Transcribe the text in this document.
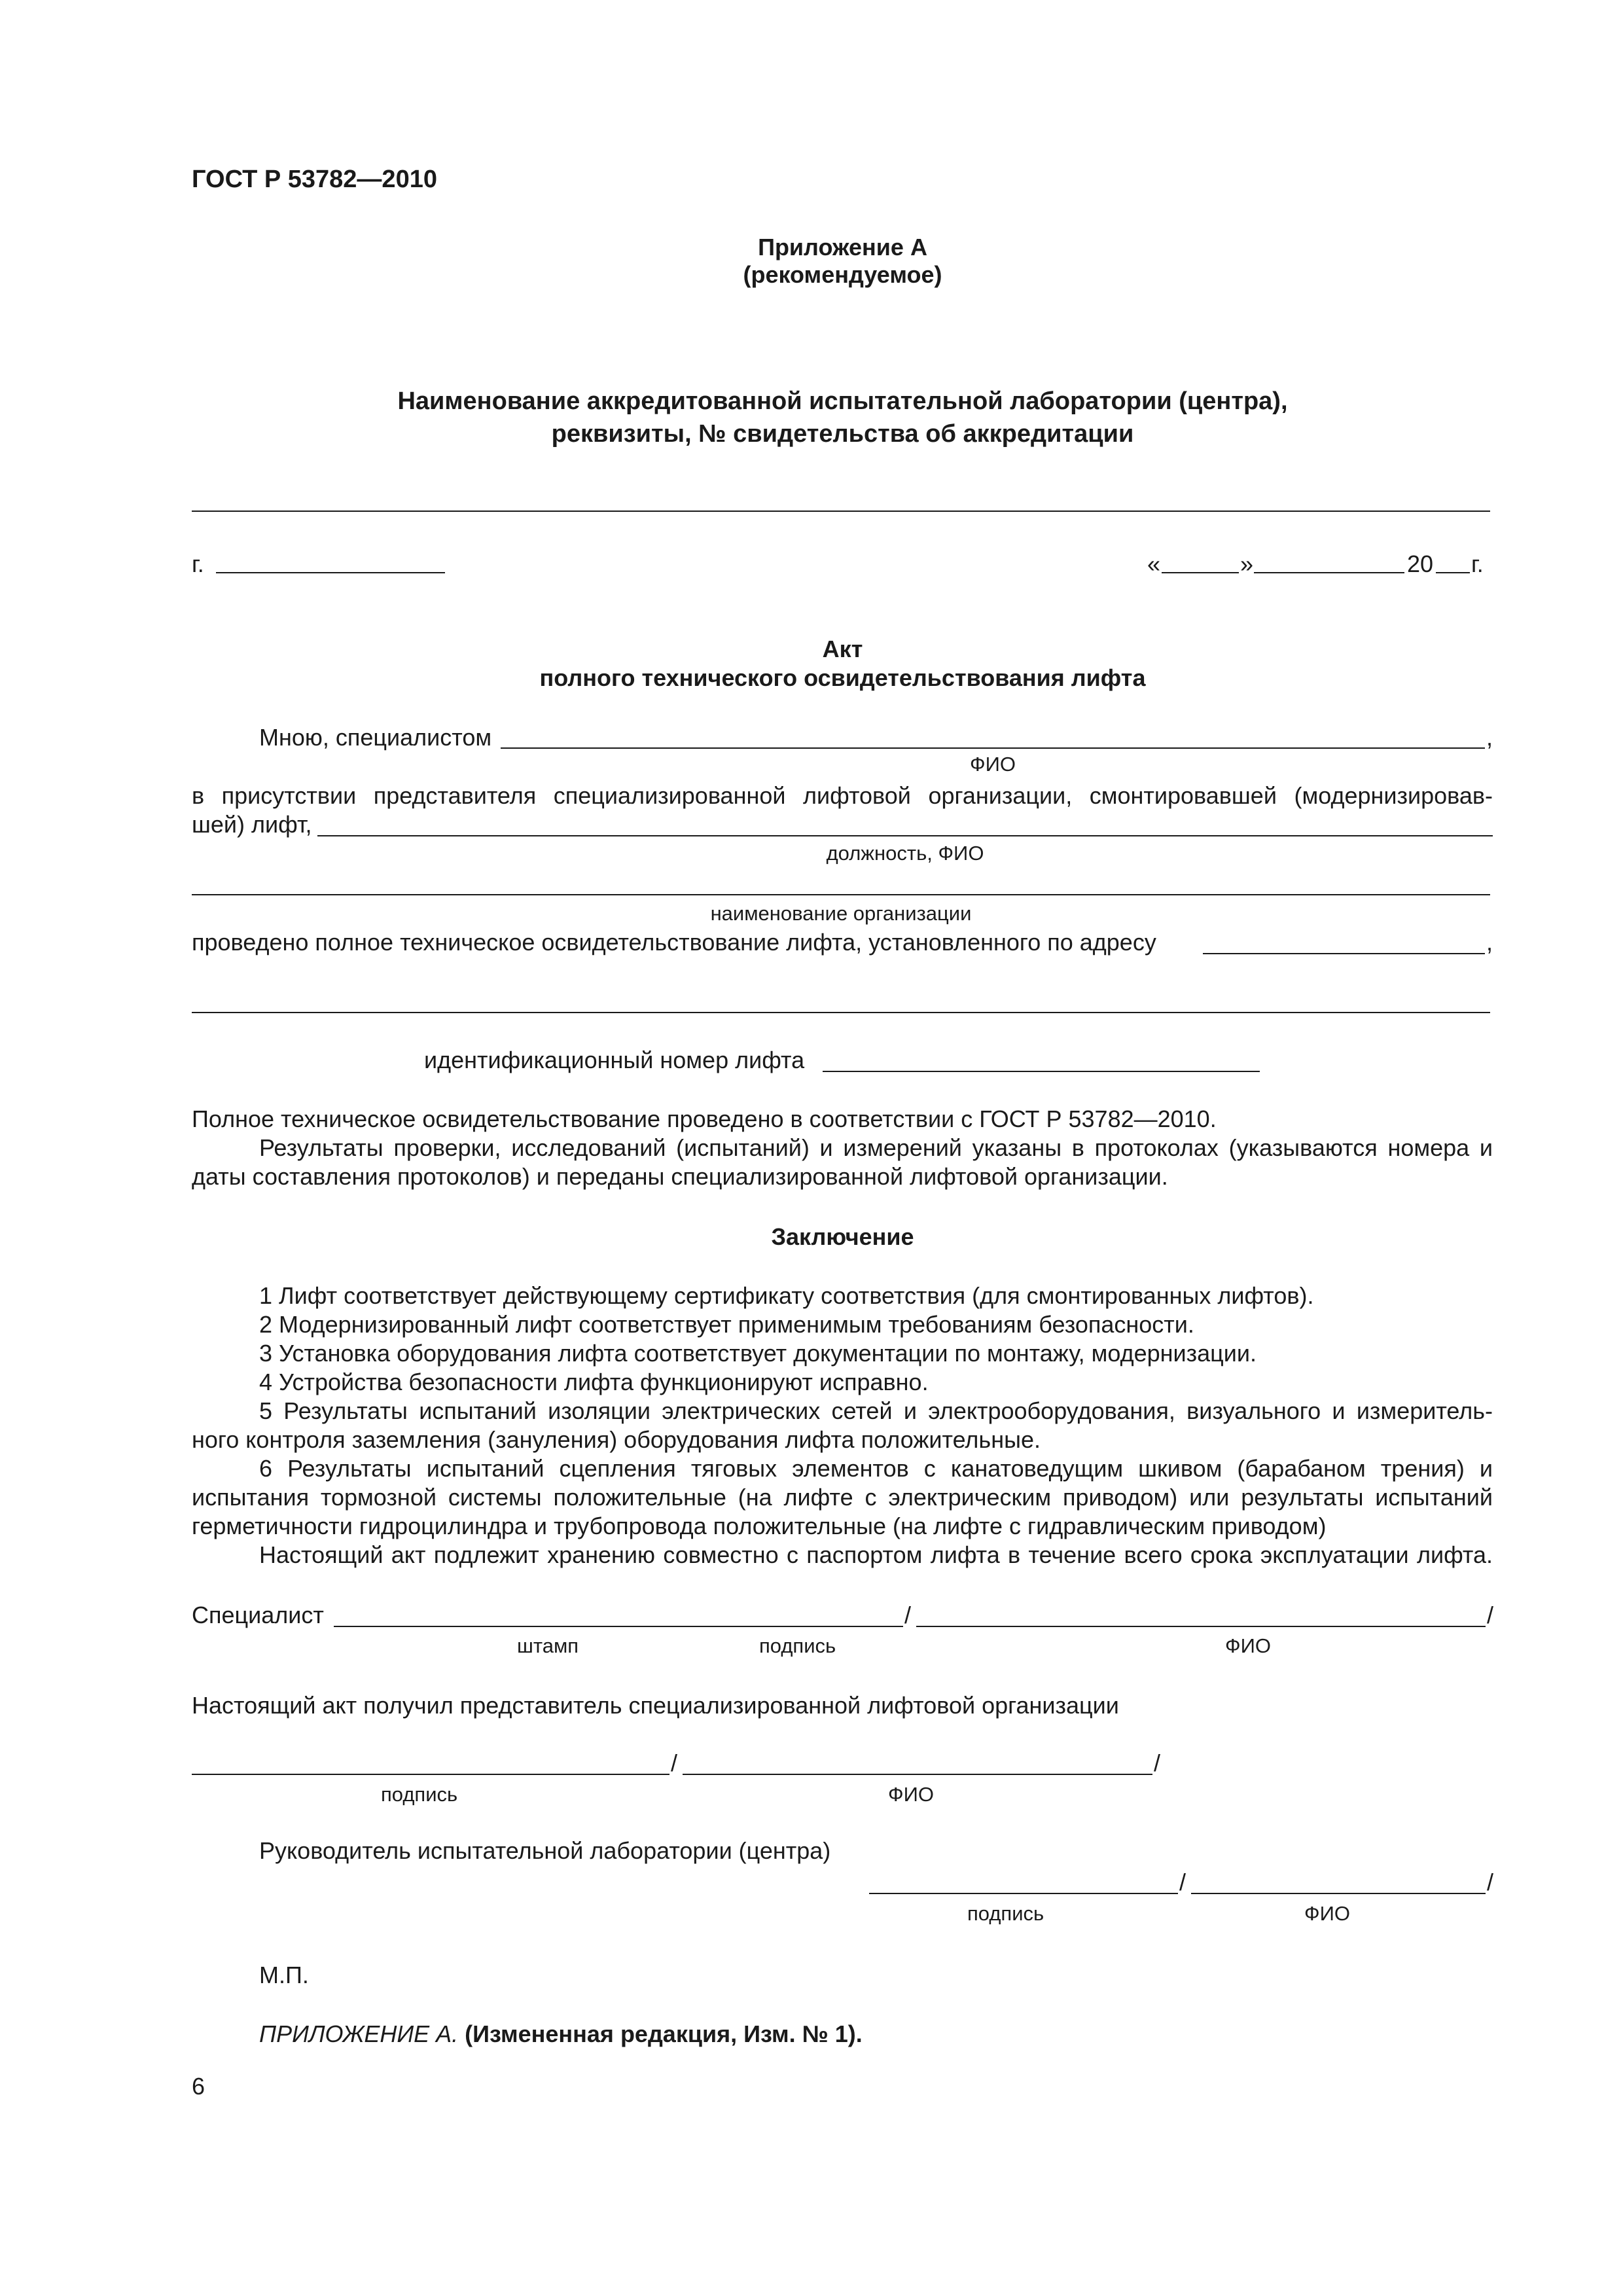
ГОСТ Р 53782—2010
Приложение А
(рекомендуемое)
Наименование аккредитованной испытательной лаборатории (центра),
реквизиты, № свидетельства об аккредитации
г.	«	»	20 г.
Акт
полного технического освидетельствования лифта
Мною, специалистом	,
ФИО
в присутствии представителя специализированной лифтовой организации, смонтировавшей (модернизировав-
шей) лифт,
должность, ФИО
наименование организации
проведено полное техническое освидетельствование лифта, установленного по адресу	,
идентификационный номер лифта
Полное техническое освидетельствование проведено в соответствии с ГОСТ Р 53782—2010.
Результаты проверки, исследований (испытаний) и измерений указаны в протоколах (указываются номера и
даты составления протоколов) и переданы специализированной лифтовой организации.
Заключение
1 Лифт соответствует действующему сертификату соответствия (для смонтированных лифтов).
2 Модернизированный лифт соответствует применимым требованиям безопасности.
3 Установка оборудования лифта соответствует документации по монтажу, модернизации.
4 Устройства безопасности лифта функционируют исправно.
5 Результаты испытаний изоляции электрических сетей и электрооборудования, визуального и измеритель-
ного контроля заземления (зануления) оборудования лифта положительные.
6 Результаты испытаний сцепления тяговых элементов с канатоведущим шкивом (барабаном трения) и
испытания тормозной системы положительные (на лифте с электрическим приводом) или результаты испытаний
герметичности гидроцилиндра и трубопровода положительные (на лифте с гидравлическим приводом)
Настоящий акт подлежит хранению совместно с паспортом лифта в течение всего срока эксплуатации лифта.
Специалист	/	/
штамп	подпись	ФИО
Настоящий акт получил представитель специализированной лифтовой организации
/	/
подпись	ФИО
Руководитель испытательной лаборатории (центра)
/	/
подпись	ФИО
М.П.
ПРИЛОЖЕНИЕ А. (Измененная редакция, Изм. № 1).
6
